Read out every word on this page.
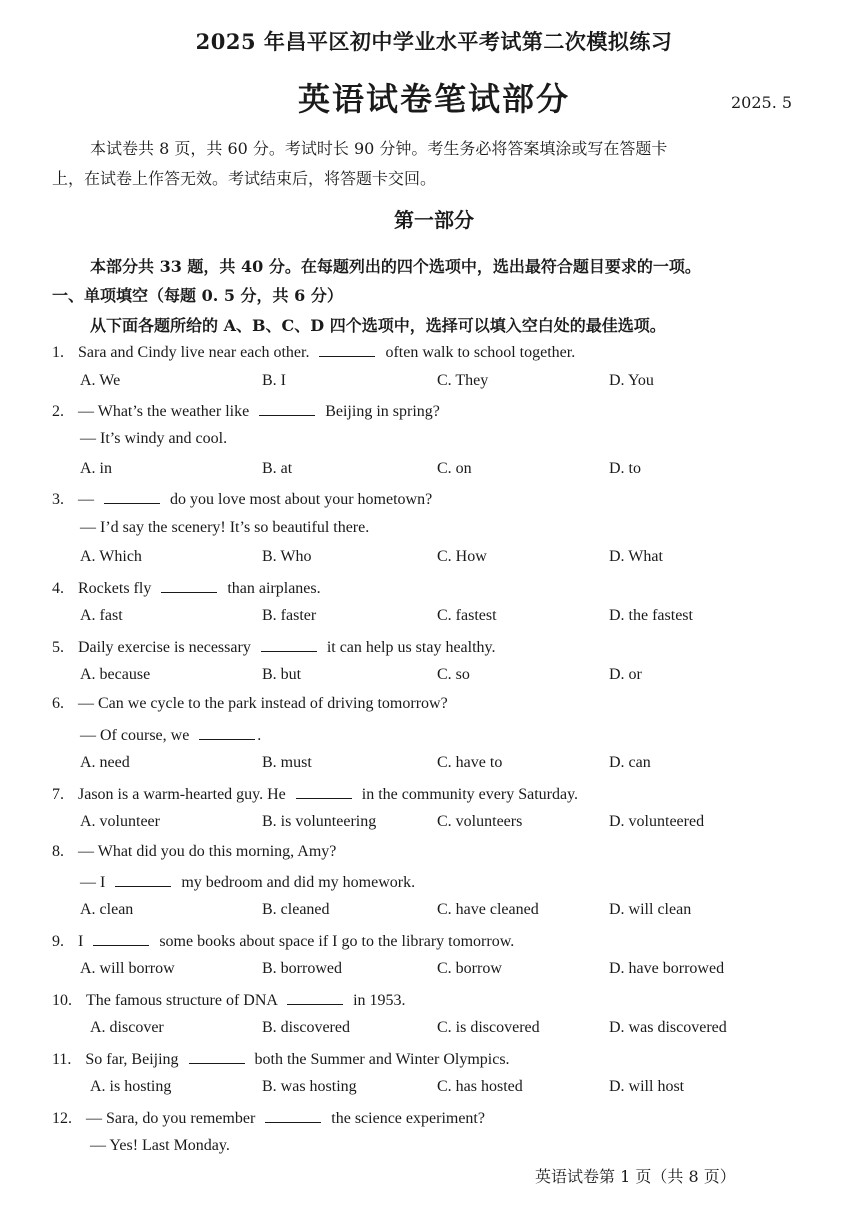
2025 年昌平区初中学业水平考试第二次模拟练习
英语试卷笔试部分	2025. 5
本试卷共 8 页，共 60 分。考试时长 90 分钟。考生务必将答案填涂或写在答题卡
上，在试卷上作答无效。考试结束后，将答题卡交回。
第一部分
本部分共 33 题，共 40 分。在每题列出的四个选项中，选出最符合题目要求的一项。
一、单项填空（每题 0. 5 分，共 6 分）
从下面各题所给的 A、B、C、D 四个选项中，选择可以填入空白处的最佳选项。
1. Sara and Cindy live near each other.	often walk to school together.
A. We	B. I	C. They	D. You
2. — What’s the weather like	Beijing in spring?
— It’s windy and cool.
A. in	B. at	C. on	D. to
3. —	do you love most about your hometown?
— I’d say the scenery! It’s so beautiful there.
A. Which	B. Who	C. How	D. What
4. Rockets fly	than airplanes.
A. fast	B. faster	C. fastest	D. the fastest
5. Daily exercise is necessary	it can help us stay healthy.
A. because	B. but	C. so	D. or
6. — Can we cycle to the park instead of driving tomorrow?
— Of course, we	.
A. need	B. must	C. have to	D. can
7. Jason is a warm-hearted guy. He	in the community every Saturday.
A. volunteer	B. is volunteering	C. volunteers	D. volunteered
8. — What did you do this morning, Amy?
— I	my bedroom and did my homework.
A. clean	B. cleaned	C. have cleaned	D. will clean
9. I	some books about space if I go to the library tomorrow.
A. will borrow	B. borrowed	C. borrow	D. have borrowed
10. The famous structure of DNA	in 1953.
A. discover	B. discovered	C. is discovered	D. was discovered
11. So far, Beijing	both the Summer and Winter Olympics.
A. is hosting	B. was hosting	C. has hosted	D. will host
12. — Sara, do you remember	the science experiment?
— Yes! Last Monday.
英语试卷第 1 页（共 8 页）
